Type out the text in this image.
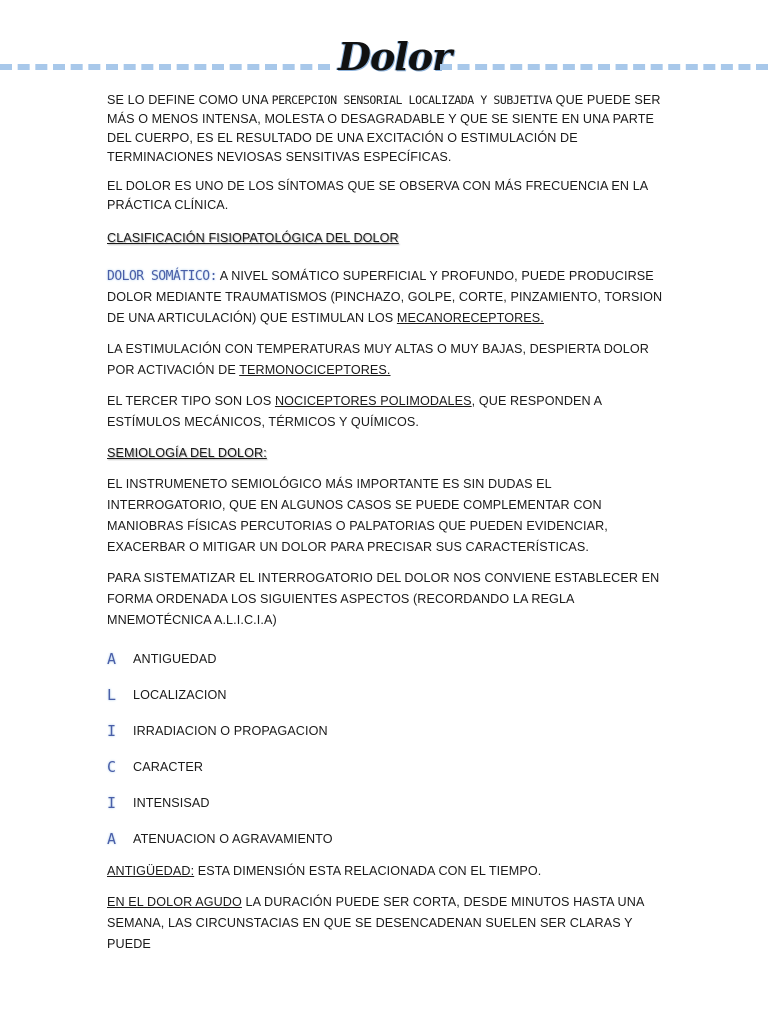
Dolor

SE LO DEFINE COMO UNA PERCEPCION SENSORIAL LOCALIZADA Y SUBJETIVA QUE PUEDE SER MÁS O MENOS INTENSA, MOLESTA O DESAGRADABLE Y QUE SE SIENTE EN UNA PARTE DEL CUERPO, ES EL RESULTADO DE UNA EXCITACIÓN O ESTIMULACIÓN DE TERMINACIONES NEVIOSAS SENSITIVAS ESPECÍFICAS.

EL DOLOR ES UNO DE LOS SÍNTOMAS QUE SE OBSERVA CON MÁS FRECUENCIA EN LA PRÁCTICA CLÍNICA.

CLASIFICACIÓN FISIOPATOLÓGICA DEL DOLOR

DOLOR SOMÁTICO: A NIVEL SOMÁTICO SUPERFICIAL Y PROFUNDO, PUEDE PRODUCIRSE DOLOR MEDIANTE TRAUMATISMOS (PINCHAZO, GOLPE, CORTE, PINZAMIENTO, TORSION DE UNA ARTICULACIÓN) QUE ESTIMULAN LOS MECANORECEPTORES.

LA ESTIMULACIÓN CON TEMPERATURAS MUY ALTAS O MUY BAJAS, DESPIERTA DOLOR POR ACTIVACIÓN DE TERMONOCICEPTORES.

EL TERCER TIPO SON LOS NOCICEPTORES POLIMODALES, QUE RESPONDEN A ESTÍMULOS MECÁNICOS, TÉRMICOS Y QUÍMICOS.

SEMIOLOGÍA DEL DOLOR:

EL INSTRUMENETO SEMIOLÓGICO MÁS IMPORTANTE ES SIN DUDAS EL INTERROGATORIO, QUE EN ALGUNOS CASOS SE PUEDE COMPLEMENTAR CON MANIOBRAS FÍSICAS PERCUTORIAS O PALPATORIAS QUE PUEDEN EVIDENCIAR, EXACERBAR O MITIGAR UN DOLOR PARA PRECISAR SUS CARACTERÍSTICAS.

PARA SISTEMATIZAR EL INTERROGATORIO DEL DOLOR NOS CONVIENE ESTABLECER EN FORMA ORDENADA LOS SIGUIENTES ASPECTOS (RECORDANDO LA REGLA MNEMOTÉCNICA A.L.I.C.I.A)

A	ANTIGUEDAD
L	LOCALIZACION
I	IRRADIACION O PROPAGACION
C	CARACTER
I	INTENSISAD
A	ATENUACION O AGRAVAMIENTO

ANTIGÜEDAD: ESTA DIMENSIÓN ESTA RELACIONADA CON EL TIEMPO.

EN EL DOLOR AGUDO LA DURACIÓN PUEDE SER CORTA, DESDE MINUTOS HASTA UNA SEMANA, LAS CIRCUNSTACIAS EN QUE SE DESENCADENAN SUELEN SER CLARAS Y PUEDE
